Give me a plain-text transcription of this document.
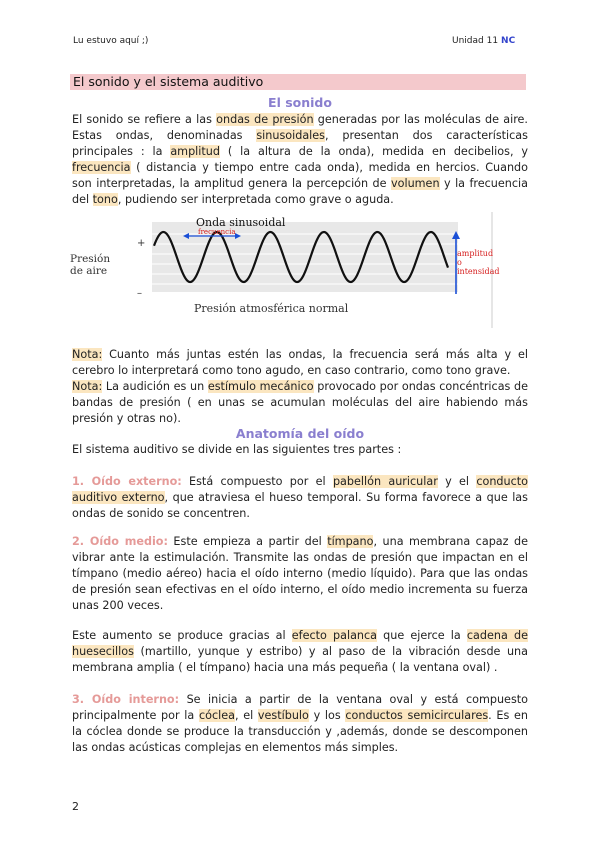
Lu estuvo aquí ;)	Unidad 11 NC
El sonido y el sistema auditivo
El sonido
El sonido se refiere a las ondas de presión generadas por las moléculas de aire. Estas ondas, denominadas sinusoidales, presentan dos características principales : la amplitud ( la altura de la onda), medida en decibelios, y frecuencia ( distancia y tiempo entre cada onda), medida en hercios. Cuando son interpretadas, la amplitud genera la percepción de volumen y la frecuencia del tono, pudiendo ser interpretada como grave o aguda.
Presión
de aire
+
–
Onda sinusoidal
frecuencia
Presión atmosférica normal
amplitud
o
intensidad
Nota: Cuanto más juntas estén las ondas, la frecuencia será más alta y el cerebro lo interpretará como tono agudo, en caso contrario, como tono grave.
Nota: La audición es un estímulo mecánico provocado por ondas concéntricas de bandas de presión ( en unas se acumulan moléculas del aire habiendo más presión y otras no).
Anatomía del oído
El sistema auditivo se divide en las siguientes tres partes :
1. Oído externo: Está compuesto por el pabellón auricular y el conducto auditivo externo, que atraviesa el hueso temporal. Su forma favorece a que las ondas de sonido se concentren.
2. Oído medio: Este empieza a partir del tímpano, una membrana capaz de vibrar ante la estimulación. Transmite las ondas de presión que impactan en el tímpano (medio aéreo) hacia el oído interno (medio líquido). Para que las ondas de presión sean efectivas en el oído interno, el oído medio incrementa su fuerza unas 200 veces.
Este aumento se produce gracias al efecto palanca que ejerce la cadena de huesecillos (martillo, yunque y estribo) y al paso de la vibración desde una membrana amplia ( el tímpano) hacia una más pequeña ( la ventana oval) .
3. Oído interno: Se inicia a partir de la ventana oval y está compuesto principalmente por la cóclea, el vestíbulo y los conductos semicirculares. Es en la cóclea donde se produce la transducción y ,además, donde se descomponen las ondas acústicas complejas en elementos más simples.
2
